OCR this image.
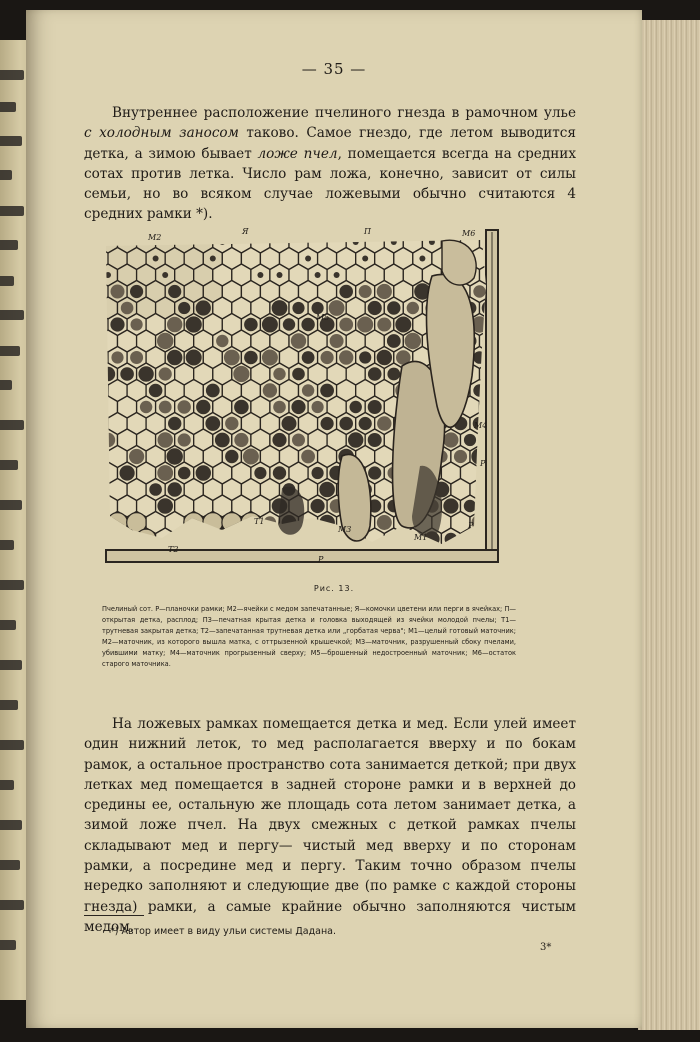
— 35 —

Внутреннее расположение пчелиного гнезда в рамочном улье с холодным заносом таково. Самое гнездо, где летом выводится детка, а зимою бывает ложе пчел, помещается всегда на средних сотах против летка. Число рам ложа, конечно, зависит от силы семьи, но во всяком случае ложевыми обычно считаются 4 средних рамки *).

М2
Я	П	М6
М5
Т1
Т2
М3
М1
М4
Р
Р
Р
Рис. 13.

Пчелиный сот. Р—планочки рамки; М2—ячейки с медом запечатанные; Я—комочки цветени или перги в ячейках; П—открытая детка, расплод; ПЗ—печатная крытая детка и головка выходящей из ячейки молодой пчелы; Т1—трутневая закрытая детка; Т2—запечатанная трутневая детка или „горбатая черва"; М1—целый готовый маточник; М2—маточник, из которого вышла матка, с оттрызенной крышечкой; М3—маточник, разрушенный сбоку пчелами, убившими матку; М4—маточник прогрызенный сверху; М5—брошенный недостроенный маточник; М6—остаток старого маточника.

На ложевых рамках помещается детка и мед. Если улей имеет один нижний леток, то мед располагается вверху и по бокам рамок, а остальное пространство сота занимается деткой; при двух летках мед помещается в задней стороне рамки и в верхней до средины ее, остальную же площадь сота летом занимает детка, а зимой ложе пчел. На двух смежных с деткой рамках пчелы складывают мед и пергу— чистый мед вверху и по сторонам рамки, а посредине мед и пергу. Таким точно образом пчелы нередко заполняют и следующие две (по рамке с каждой стороны гнезда) рамки, а самые крайние обычно заполняются чистым медом.

*) Автор имеет в виду ульи системы Дадана.

3*
